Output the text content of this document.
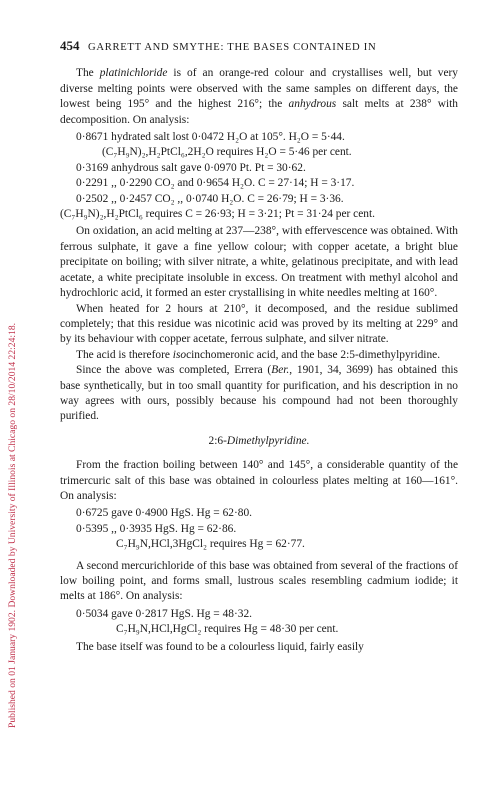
Published on 01 January 1902. Downloaded by University of Illinois at Chicago on 28/10/2014 22:24:18.
454 GARRETT AND SMYTHE: THE BASES CONTAINED IN

The platinichloride is of an orange-red colour and crystallises well, but very diverse melting points were observed with the same samples on different days, the lowest being 195° and the highest 216°; the anhydrous salt melts at 238° with decomposition. On analysis:

0·8671 hydrated salt lost 0·0472 H₂O at 105°. H₂O = 5·44.

(C₇H₉N)₂,H₂PtCl₆,2H₂O requires H₂O = 5·46 per cent.

0·3169 anhydrous salt gave 0·0970 Pt. Pt = 30·62.

0·2291 ,, 0·2290 CO₂ and 0·9654 H₂O. C = 27·14; H = 3·17.

0·2502 ,, 0·2457 CO₂ ,, 0·0740 H₂O. C = 26·79; H = 3·36.

(C₇H₉N)₂,H₂PtCl₆ requires C = 26·93; H = 3·21; Pt = 31·24 per cent.

On oxidation, an acid melting at 237—238°, with effervescence was obtained. With ferrous sulphate, it gave a fine yellow colour; with copper acetate, a bright blue precipitate on boiling; with silver nitrate, a white, gelatinous precipitate, and with lead acetate, a white precipitate insoluble in excess. On treatment with methyl alcohol and hydrochloric acid, it formed an ester crystallising in white needles melting at 160°.

When heated for 2 hours at 210°, it decomposed, and the residue sublimed completely; that this residue was nicotinic acid was proved by its melting at 229° and by its behaviour with copper acetate, ferrous sulphate, and silver nitrate.

The acid is therefore isocinchomeronic acid, and the base 2:5-dimethylpyridine.

Since the above was completed, Errera (Ber., 1901, 34, 3699) has obtained this base synthetically, but in too small quantity for purification, and his description in no way agrees with ours, possibly because his compound had not been thoroughly purified.

2:6-Dimethylpyridine.

From the fraction boiling between 140° and 145°, a considerable quantity of the trimercuric salt of this base was obtained in colourless plates melting at 160—161°. On analysis:

0·6725 gave 0·4900 HgS. Hg = 62·80.

0·5395 ,, 0·3935 HgS. Hg = 62·86.

C₇H₉N,HCl,3HgCl₂ requires Hg = 62·77.

A second mercurichloride of this base was obtained from several of the fractions of low boiling point, and forms small, lustrous scales resembling cadmium iodide; it melts at 186°. On analysis:

0·5034 gave 0·2817 HgS. Hg = 48·32.

C₇H₉N,HCl,HgCl₂ requires Hg = 48·30 per cent.

The base itself was found to be a colourless liquid, fairly easily
